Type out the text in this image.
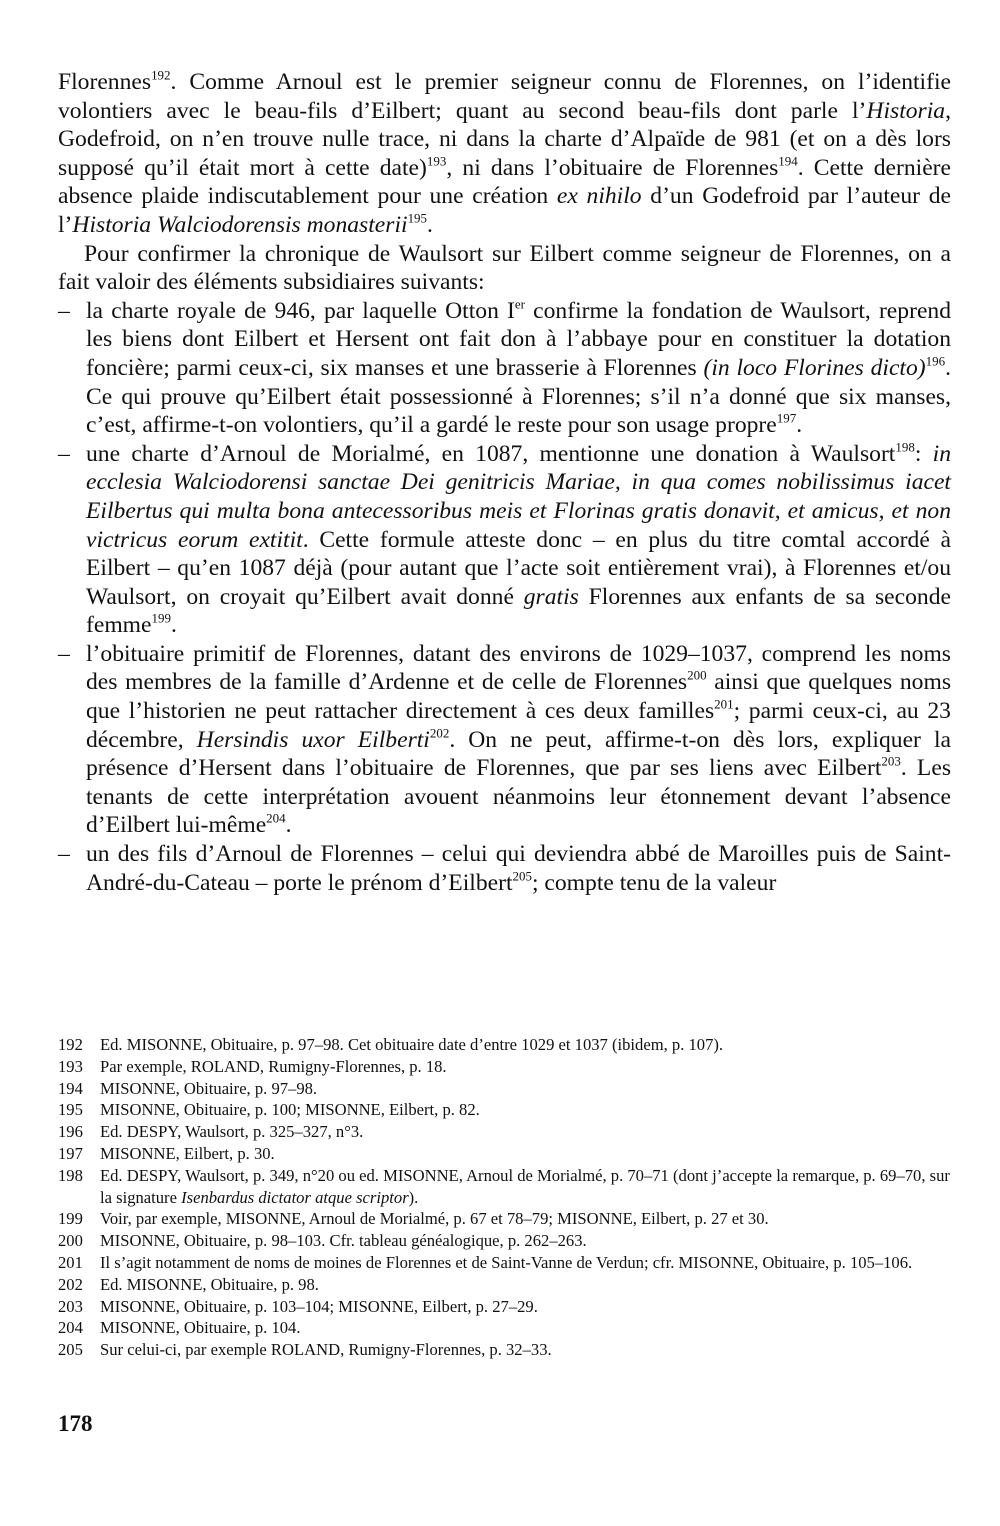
Florennes$^{192}$. Comme Arnoul est le premier seigneur connu de Florennes, on l’identifie volontiers avec le beau-fils d’Eilbert; quant au second beau-fils dont parle l’Historia, Godefroid, on n’en trouve nulle trace, ni dans la charte d’Alpaïde de 981 (et on a dès lors supposé qu’il était mort à cette date)$^{193}$, ni dans l’obituaire de Florennes$^{194}$. Cette dernière absence plaide indiscutablement pour une création ex nihilo d’un Godefroid par l’auteur de l’Historia Walciodorensis monasterii$^{195}$.

Pour confirmer la chronique de Waulsort sur Eilbert comme seigneur de Florennes, on a fait valoir des éléments subsidiaires suivants:

– la charte royale de 946, par laquelle Otton Ier confirme la fondation de Waulsort, reprend les biens dont Eilbert et Hersent ont fait don à l’abbaye pour en constituer la dotation foncière; parmi ceux-ci, six manses et une brasserie à Florennes (in loco Florines dicto)$^{196}$. Ce qui prouve qu’Eilbert était possessionné à Florennes; s’il n’a donné que six manses, c’est, affirme-t-on volontiers, qu’il a gardé le reste pour son usage propre$^{197}$.

– une charte d’Arnoul de Morialmé, en 1087, mentionne une donation à Waulsort$^{198}$: in ecclesia Walciodorensi sanctae Dei genitricis Mariae, in qua comes nobilissimus iacet Eilbertus qui multa bona antecessoribus meis et Florinas gratis donavit, et amicus, et non victricus eorum extitit. Cette formule atteste donc – en plus du titre comtal accordé à Eilbert – qu’en 1087 déjà (pour autant que l’acte soit entièrement vrai), à Florennes et/ou Waulsort, on croyait qu’Eilbert avait donné gratis Florennes aux enfants de sa seconde femme$^{199}$.

– l’obituaire primitif de Florennes, datant des environs de 1029–1037, comprend les noms des membres de la famille d’Ardenne et de celle de Florennes$^{200}$ ainsi que quelques noms que l’historien ne peut rattacher directement à ces deux familles$^{201}$; parmi ceux-ci, au 23 décembre, Hersindis uxor Eilberti$^{202}$. On ne peut, affirme-t-on dès lors, expliquer la présence d’Hersent dans l’obituaire de Florennes, que par ses liens avec Eilbert$^{203}$. Les tenants de cette interprétation avouent néanmoins leur étonnement devant l’absence d’Eilbert lui-même$^{204}$.

– un des fils d’Arnoul de Florennes – celui qui deviendra abbé de Maroilles puis de Saint-André-du-Cateau – porte le prénom d’Eilbert$^{205}$; compte tenu de la valeur

192 Ed. MISONNE, Obituaire, p. 97–98. Cet obituaire date d’entre 1029 et 1037 (ibidem, p. 107).
193 Par exemple, ROLAND, Rumigny-Florennes, p. 18.
194 MISONNE, Obituaire, p. 97–98.
195 MISONNE, Obituaire, p. 100; MISONNE, Eilbert, p. 82.
196 Ed. DESPY, Waulsort, p. 325–327, n°3.
197 MISONNE, Eilbert, p. 30.
198 Ed. DESPY, Waulsort, p. 349, n°20 ou ed. MISONNE, Arnoul de Morialmé, p. 70–71 (dont j’accepte la remarque, p. 69–70, sur la signature Isenbardus dictator atque scriptor).
199 Voir, par exemple, MISONNE, Arnoul de Morialmé, p. 67 et 78–79; MISONNE, Eilbert, p. 27 et 30.
200 MISONNE, Obituaire, p. 98–103. Cfr. tableau généalogique, p. 262–263.
201 Il s’agit notamment de noms de moines de Florennes et de Saint-Vanne de Verdun; cfr. MISONNE, Obituaire, p. 105–106.
202 Ed. MISONNE, Obituaire, p. 98.
203 MISONNE, Obituaire, p. 103–104; MISONNE, Eilbert, p. 27–29.
204 MISONNE, Obituaire, p. 104.
205 Sur celui-ci, par exemple ROLAND, Rumigny-Florennes, p. 32–33.
178
